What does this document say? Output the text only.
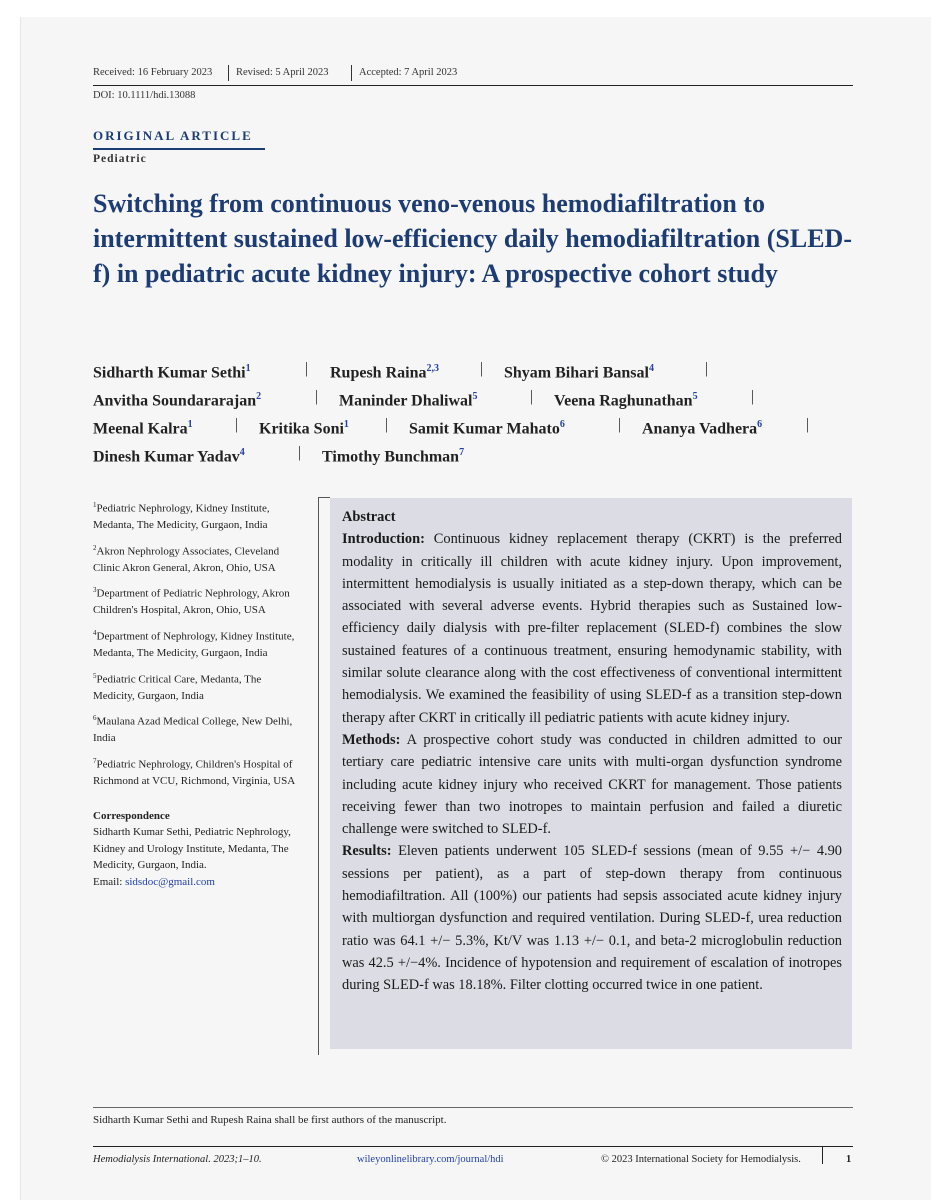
Received: 16 February 2023 Revised: 5 April 2023	Accepted: 7 April 2023
DOI: 10.1111/hdi.13088
ORIGINAL ARTICLE
Pediatric
Switching from continuous veno-venous hemodiafiltration to intermittent sustained low-efficiency daily hemodiafiltration (SLED-f) in pediatric acute kidney injury: A prospective cohort study
Sidharth Kumar Sethi$^1$	| Rupesh Raina$^{2,3}$	| Shyam Bihari Bansal$^4$	|
Anvitha Soundararajan$^2$	| Maninder Dhaliwal$^5$	| Veena Raghunathan$^5$	|
Meenal Kalra$^1$	| Kritika Soni$^1$ | Samit Kumar Mahato$^6$	| Ananya Vadhera$^6$	|
Dinesh Kumar Yadav$^4$	| Timothy Bunchman$^7$

$^1$Pediatric Nephrology, Kidney Institute, Medanta, The Medicity, Gurgaon, India

$^2$Akron Nephrology Associates, Cleveland Clinic Akron General, Akron, Ohio, USA

$^3$Department of Pediatric Nephrology, Akron Children's Hospital, Akron, Ohio, USA

$^4$Department of Nephrology, Kidney Institute, Medanta, The Medicity, Gurgaon, India

$^5$Pediatric Critical Care, Medanta, The Medicity, Gurgaon, India

$^6$Maulana Azad Medical College, New Delhi, India

$^7$Pediatric Nephrology, Children's Hospital of Richmond at VCU, Richmond, Virginia, USA

Correspondence

Sidharth Kumar Sethi, Pediatric Nephrology, Kidney and Urology Institute, Medanta, The Medicity, Gurgaon, India.

Email: sidsdoc@gmail.com

Abstract

Introduction: Continuous kidney replacement therapy (CKRT) is the preferred modality in critically ill children with acute kidney injury. Upon improvement, intermittent hemodialysis is usually initiated as a step-down therapy, which can be associated with several adverse events. Hybrid therapies such as Sustained low-efficiency daily dialysis with pre-filter replacement (SLED-f) combines the slow sustained features of a continuous treatment, ensuring hemodynamic stability, with similar solute clearance along with the cost effectiveness of conventional intermittent hemodialysis. We examined the feasibility of using SLED-f as a transition step-down therapy after CKRT in critically ill pediatric patients with acute kidney injury.

Methods: A prospective cohort study was conducted in children admitted to our tertiary care pediatric intensive care units with multi-organ dysfunction syndrome including acute kidney injury who received CKRT for management. Those patients receiving fewer than two inotropes to maintain perfusion and failed a diuretic challenge were switched to SLED-f.

Results: Eleven patients underwent 105 SLED-f sessions (mean of 9.55 +/− 4.90 sessions per patient), as a part of step-down therapy from continuous hemodiafiltration. All (100%) our patients had sepsis associated acute kidney injury with multiorgan dysfunction and required ventilation. During SLED-f, urea reduction ratio was 64.1 +/− 5.3%, Kt/V was 1.13 +/− 0.1, and beta-2 microglobulin reduction was 42.5 +/−4%. Incidence of hypotension and requirement of escalation of inotropes during SLED-f was 18.18%. Filter clotting occurred twice in one patient.

Sidharth Kumar Sethi and Rupesh Raina shall be first authors of the manuscript.
Hemodialysis International. 2023;1–10.	wileyonlinelibrary.com/journal/hdi	© 2023 International Society for Hemodialysis.	1
